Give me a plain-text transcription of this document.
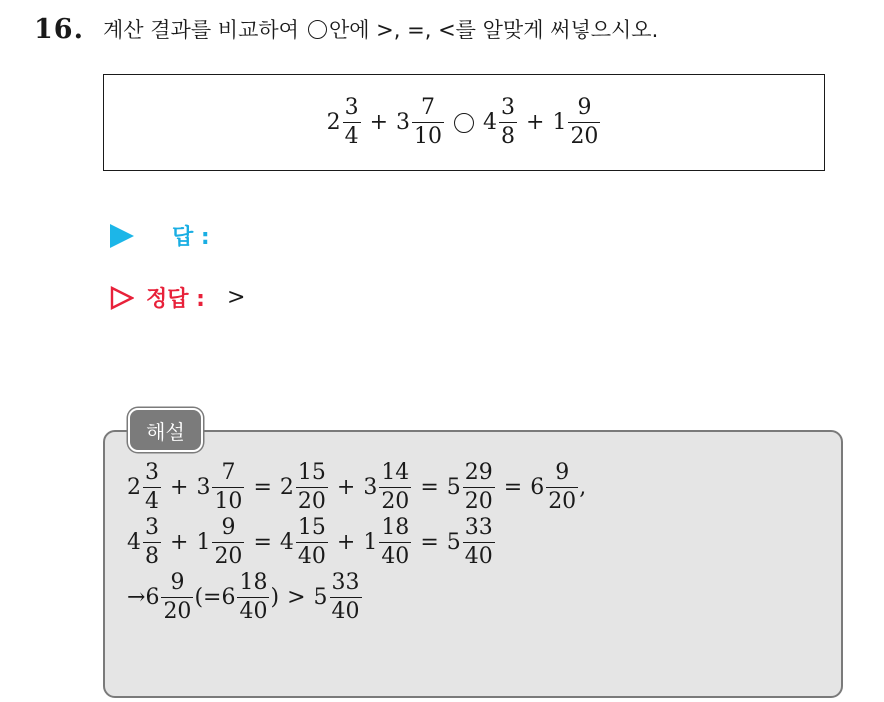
16. 계산 결과를 비교하여 안에 >, =, <를 알맞게 써넣으시오.
$2 \frac{3}{4} + 3 \frac{7}{10} 4 \frac{3}{8} + 1 \frac{9}{20}$
답 :
정답 : >
해설
$2 \frac{3}{4} + 3 \frac{7}{10} = 2 \frac{15}{20} + 3 \frac{14}{20} = 5 \frac{29}{20} = 6 \frac{9}{20}$ ,
$4 \frac{3}{8} + 1 \frac{9}{20} = 4 \frac{15}{40} + 1 \frac{18}{40} = 5 \frac{33}{40}$
→ $6 \frac{9}{20}$ (= $6 \frac{18}{40}$ ) > $5 \frac{33}{40}$
